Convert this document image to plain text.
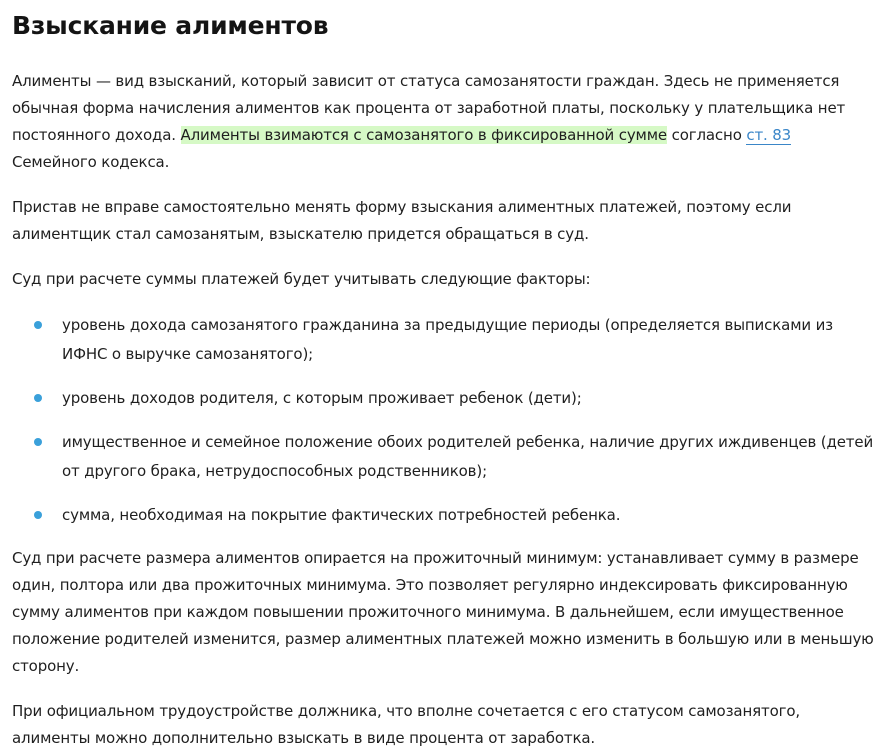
Взыскание алиментов

Алименты — вид взысканий, который зависит от статуса самозанятости граждан. Здесь не применяется обычная форма начисления алиментов как процента от заработной платы, поскольку у плательщика нет постоянного дохода. Алименты взимаются с самозанятого в фиксированной сумме согласно ст. 83 Семейного кодекса.

Пристав не вправе самостоятельно менять форму взыскания алиментных платежей, поэтому если алиментщик стал самозанятым, взыскателю придется обращаться в суд.

Суд при расчете суммы платежей будет учитывать следующие факторы:

уровень дохода самозанятого гражданина за предыдущие периоды (определяется выписками из ИФНС о выручке самозанятого);
уровень доходов родителя, с которым проживает ребенок (дети);
имущественное и семейное положение обоих родителей ребенка, наличие других иждивенцев (детей от другого брака, нетрудоспособных родственников);
сумма, необходимая на покрытие фактических потребностей ребенка.

Суд при расчете размера алиментов опирается на прожиточный минимум: устанавливает сумму в размере один, полтора или два прожиточных минимума. Это позволяет регулярно индексировать фиксированную сумму алиментов при каждом повышении прожиточного минимума. В дальнейшем, если имущественное положение родителей изменится, размер алиментных платежей можно изменить в большую или в меньшую сторону.

При официальном трудоустройстве должника, что вполне сочетается с его статусом самозанятого, алименты можно дополнительно взыскать в виде процента от заработка.
